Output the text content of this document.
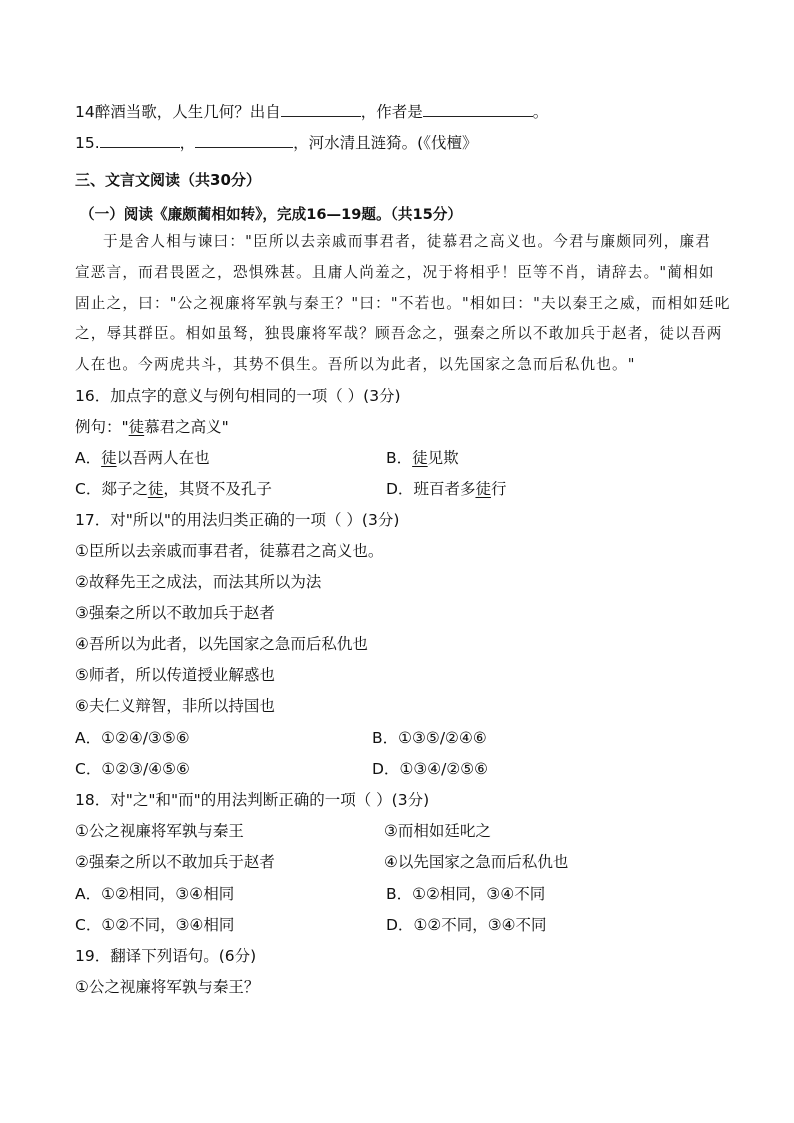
14醉酒当歌，人生几何？出自	，作者是	。
15.	，	，河水清且涟猗。(《伐檀》
三、文言文阅读（共30分）
（一）阅读《廉颇蔺相如转》，完成16—19题。（共15分）
于是舍人相与谏曰："臣所以去亲戚而事君者，徒慕君之高义也。今君与廉颇同列，廉君
宣恶言，而君畏匿之，恐惧殊甚。且庸人尚羞之，况于将相乎！臣等不肖，请辞去。"蔺相如
固止之，曰："公之视廉将军孰与秦王？"曰："不若也。"相如曰："夫以秦王之威，而相如廷叱
之，辱其群臣。相如虽驽，独畏廉将军哉？顾吾念之，强秦之所以不敢加兵于赵者，徒以吾两
人在也。今两虎共斗，其势不俱生。吾所以为此者，以先国家之急而后私仇也。"
16．加点字的意义与例句相同的一项（ ）(3分)
例句："徒慕君之高义"
A．徒以吾两人在也	B．徒见欺
C．郯子之徒，其贤不及孔子	D．班百者多徒行
17．对"所以"的用法归类正确的一项（ ）(3分)
①臣所以去亲戚而事君者，徒慕君之高义也。
②故释先王之成法，而法其所以为法
③强秦之所以不敢加兵于赵者
④吾所以为此者，以先国家之急而后私仇也
⑤师者，所以传道授业解惑也
⑥夫仁义辩智，非所以持国也
A．①②④/③⑤⑥	B．①③⑤/②④⑥
C．①②③/④⑤⑥	D．①③④/②⑤⑥
18．对"之"和"而"的用法判断正确的一项（ ）(3分)
①公之视廉将军孰与秦王	③而相如廷叱之
②强秦之所以不敢加兵于赵者	④以先国家之急而后私仇也
A．①②相同，③④相同	B．①②相同，③④不同
C．①②不同，③④相同	D．①②不同，③④不同
19．翻译下列语句。(6分)
①公之视廉将军孰与秦王？
